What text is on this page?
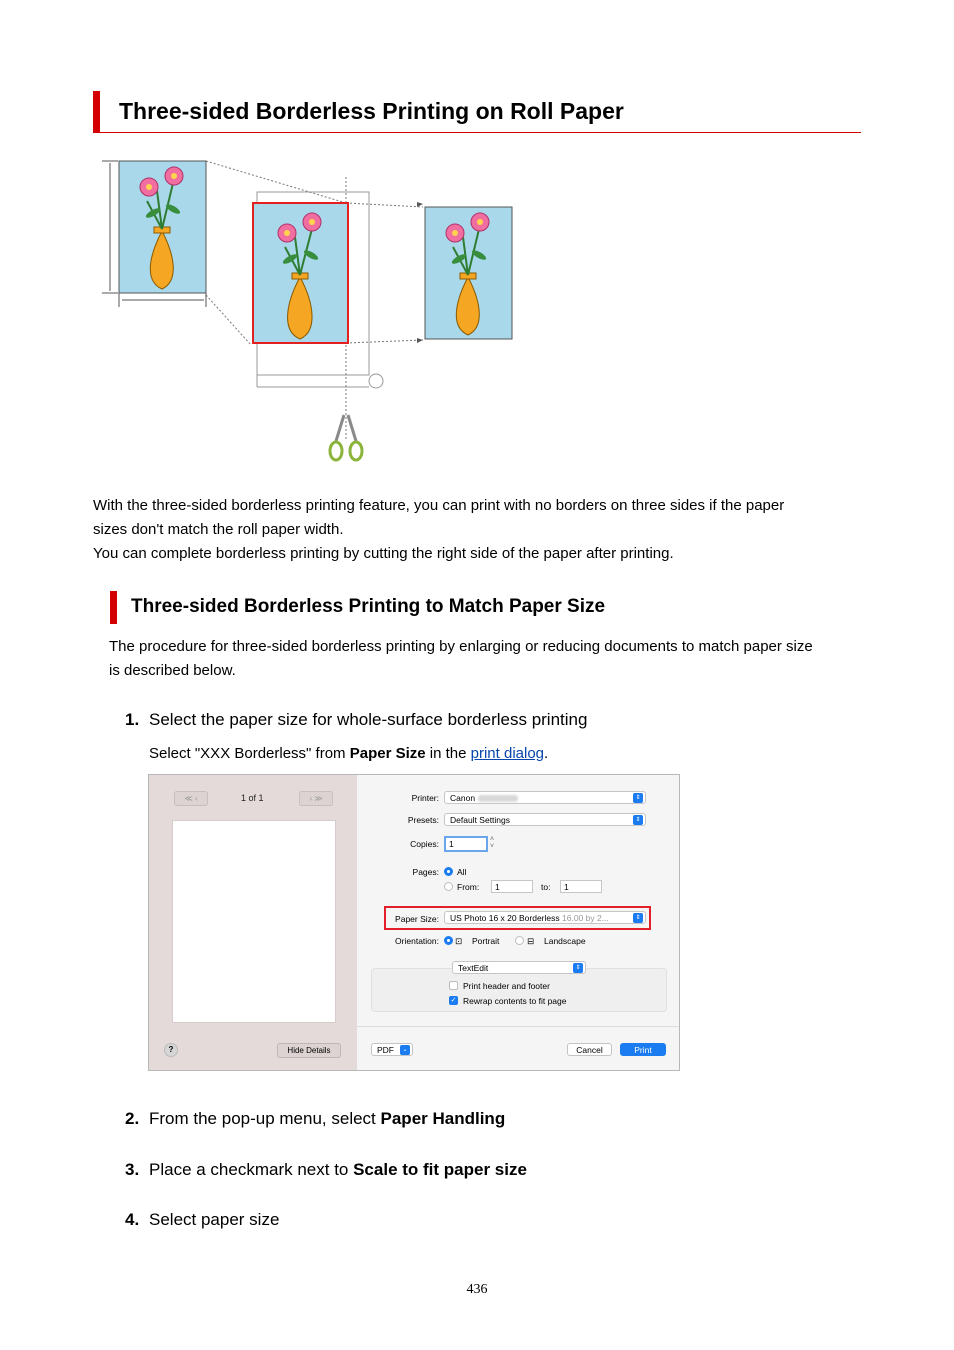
Three-sided Borderless Printing on Roll Paper
With the three-sided borderless printing feature, you can print with no borders on three sides if the paper
sizes don't match the roll paper width.
You can complete borderless printing by cutting the right side of the paper after printing.
Three-sided Borderless Printing to Match Paper Size
The procedure for three-sided borderless printing by enlarging or reducing documents to match paper size
is described below.
1. Select the paper size for whole-surface borderless printing
Select "XXX Borderless" from Paper Size in the print dialog.
≪ ‹	1 of 1	› ≫
?	Hide Details
Printer:	Canon	⇕
Presets:	Default Settings	⇕
Copies:	1	˄
˅
Pages: All
From:	1	to:	1
Paper Size:	US Photo 16 x 20 Borderless 16.00 by 2...	⇕
Orientation: ⊡ Portrait	⊟ Landscape
TextEdit	⇕
Print header and footer
✓ Rewrap contents to fit page
PDF	⌄	Cancel	Print
2. From the pop-up menu, select Paper Handling
3. Place a checkmark next to Scale to fit paper size
4. Select paper size
436
